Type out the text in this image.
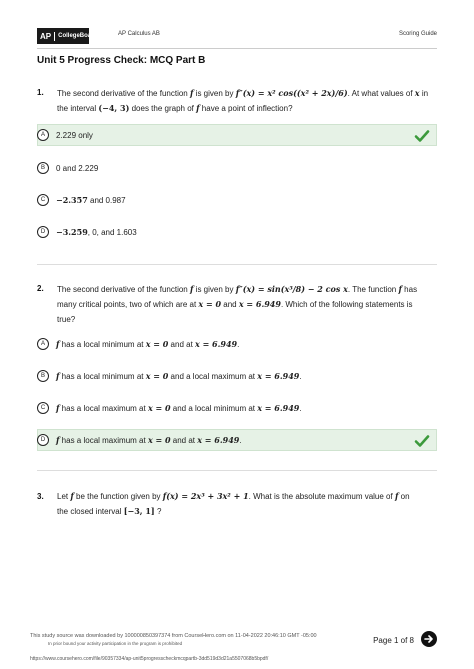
AP	CollegeBoard	AP Calculus AB	Scoring Guide
Unit 5 Progress Check: MCQ Part B
1. The second derivative of the function f is given by f″(x) = x² cos((x² + 2x)/6). At what values of x in
the interval (−4, 3) does the graph of f have a point of inflection?
A	2.229 only
B	0 and 2.229
C	−2.357 and 0.987
D	−3.259, 0, and 1.603
2. The second derivative of the function f is given by f″(x) = sin(x³/8) − 2 cos x. The function f has
many critical points, two of which are at x = 0 and x = 6.949. Which of the following statements is
true?
A	f has a local minimum at x = 0 and at x = 6.949.
B	f has a local minimum at x = 0 and a local maximum at x = 6.949.
C	f has a local maximum at x = 0 and a local minimum at x = 6.949.
D	f has a local maximum at x = 0 and at x = 6.949.
3. Let f be the function given by f(x) = 2x³ + 3x² + 1. What is the absolute maximum value of f on
the closed interval [−3, 1] ?
This study source was downloaded by 100000850397374 from CourseHero.com on 11-04-2022 20:46:10 GMT -05:00
In prior bound your activity participation in the program is prohibited	Page 1 of 8
https://www.coursehero.com/file/90357334/ap-unit5progresscheckmcqpartb-3dd519d3d21a5507068b5bpdf/
